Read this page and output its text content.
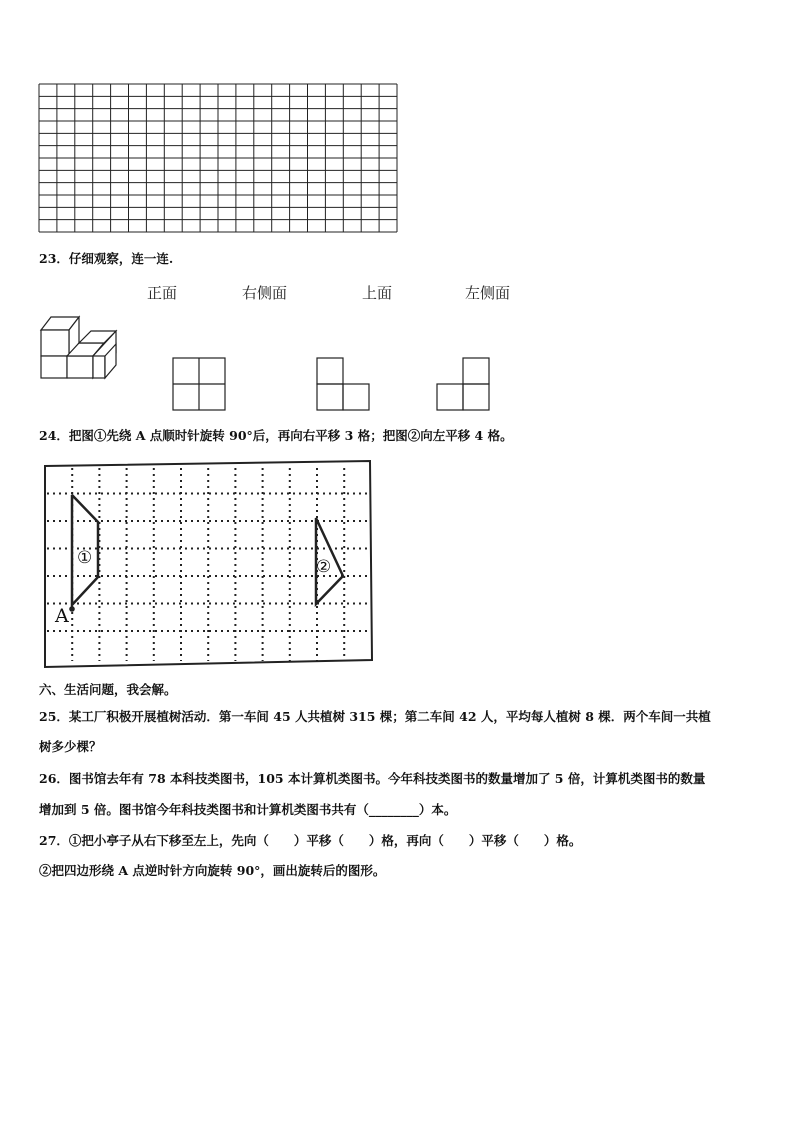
23．仔细观察，连一连.
正面	右侧面	上面	左侧面
24．把图①先绕 A 点顺时针旋转 90°后，再向右平移 3 格；把图②向左平移 4 格。
①	②
A
六、生活问题，我会解。
25．某工厂积极开展植树活动．第一车间 45 人共植树 315 棵；第二车间 42 人，平均每人植树 8 棵．两个车间一共植
树多少棵？
26．图书馆去年有 78 本科技类图书，105 本计算机类图书。今年科技类图书的数量增加了 5 倍，计算机类图书的数量
增加到 5 倍。图书馆今年科技类图书和计算机类图书共有（________）本。
27．①把小亭子从右下移至左上，先向（　　）平移（　　）格，再向（　　）平移（　　）格。
②把四边形绕 A 点逆时针方向旋转 90°，画出旋转后的图形。
